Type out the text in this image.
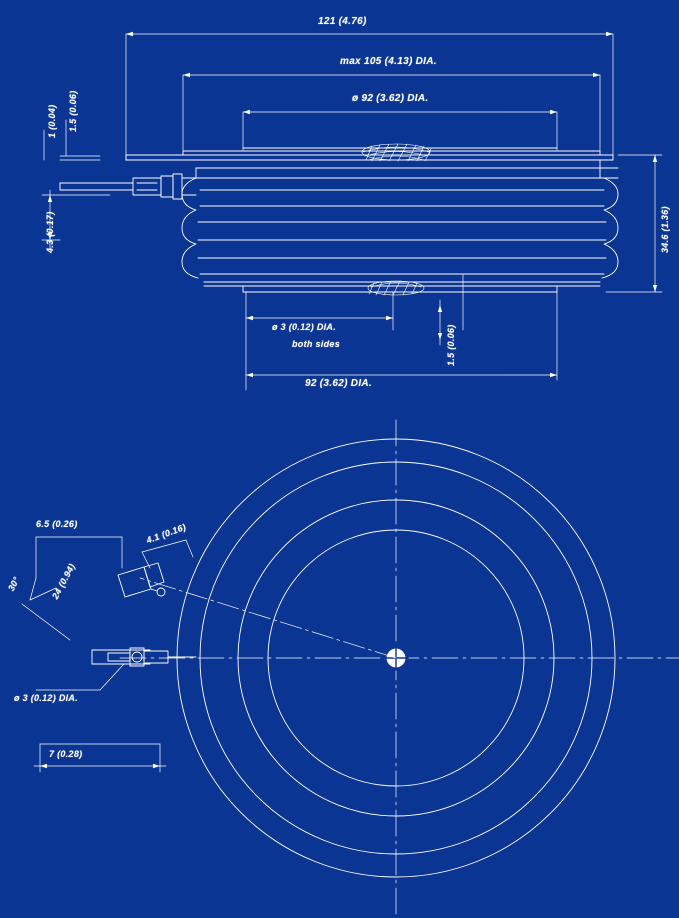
121 (4.76)
max 105 (4.13) DIA.
ø 92 (3.62) DIA.
1.5 (0.06)
1 (0.04)
4.3 (0.17)	34.6 (1.36)
ø 3 (0.12) DIA.
both sides	1.5 (0.06)
92 (3.62) DIA.
6.5 (0.26)	4.1 (0.16)
30°	24 (0.94)
ø 3 (0.12) DIA.
7 (0.28)
